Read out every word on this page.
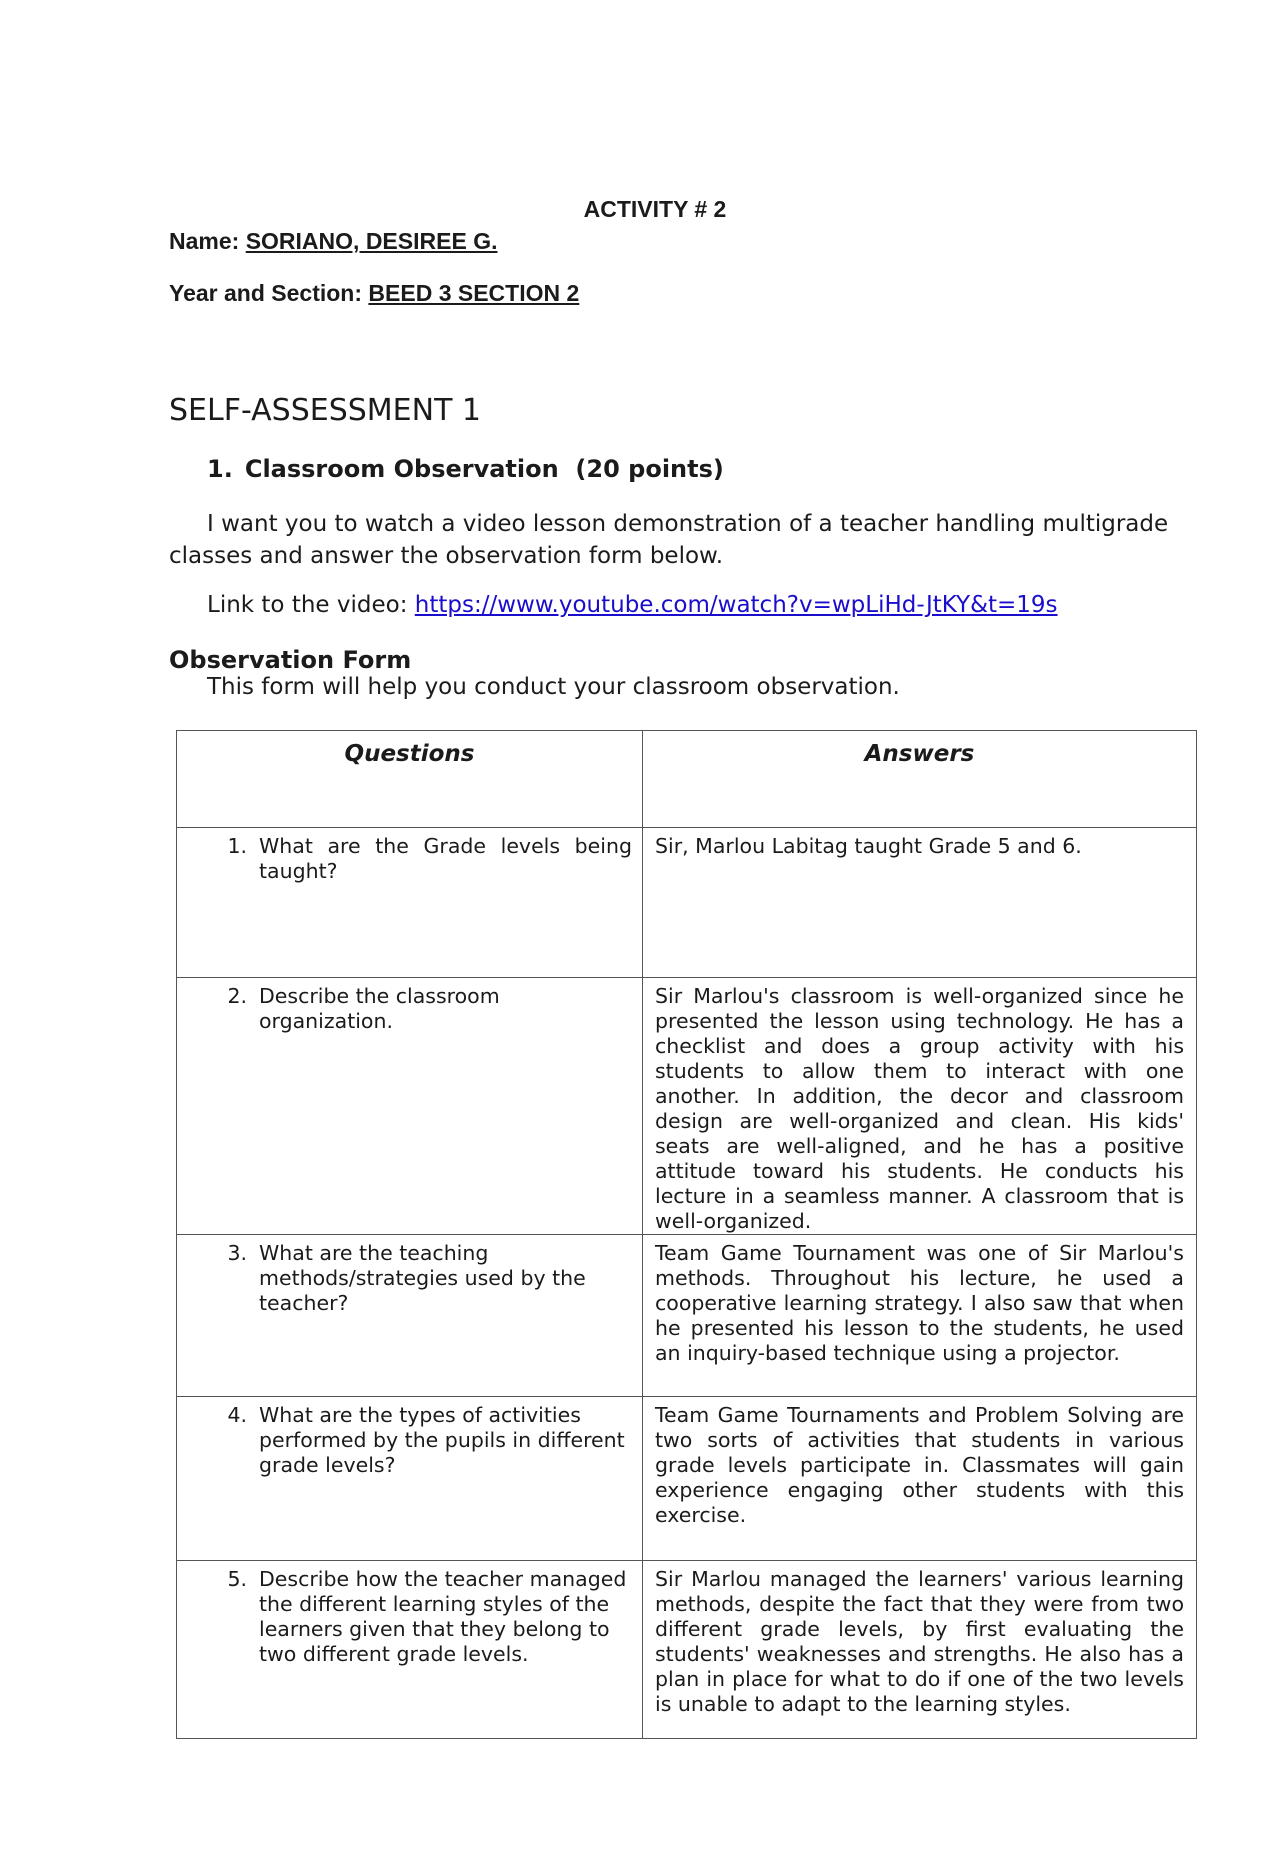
ACTIVITY # 2
Name: SORIANO, DESIREE G.
Year and Section: BEED 3 SECTION 2
SELF-ASSESSMENT 1
1. Classroom Observation (20 points)
I want you to watch a video lesson demonstration of a teacher handling multigrade classes and answer the observation form below.
Link to the video: https://www.youtube.com/watch?v=wpLiHd-JtKY&t=19s
Observation Form
This form will help you conduct your classroom observation.
Questions	Answers

1. What are the Grade levels being taught?	Sir, Marlou Labitag taught Grade 5 and 6.

2. Describe the classroom organization.	Sir Marlou's classroom is well-organized since he presented the lesson using technology. He has a checklist and does a group activity with his students to allow them to interact with one another. In addition, the decor and classroom design are well-organized and clean. His kids' seats are well-aligned, and he has a positive attitude toward his students. He conducts his lecture in a seamless manner. A classroom that is well-organized.

3. What are the teaching methods/strategies used by the teacher?	Team Game Tournament was one of Sir Marlou's methods. Throughout his lecture, he used a cooperative learning strategy. I also saw that when he presented his lesson to the students, he used an inquiry-based technique using a projector.

4. What are the types of activities performed by the pupils in different grade levels?	Team Game Tournaments and Problem Solving are two sorts of activities that students in various grade levels participate in. Classmates will gain experience engaging other students with this exercise.

5. Describe how the teacher managed the different learning styles of the learners given that they belong to two different grade levels.	Sir Marlou managed the learners' various learning methods, despite the fact that they were from two different grade levels, by first evaluating the students' weaknesses and strengths. He also has a plan in place for what to do if one of the two levels is unable to adapt to the learning styles.
